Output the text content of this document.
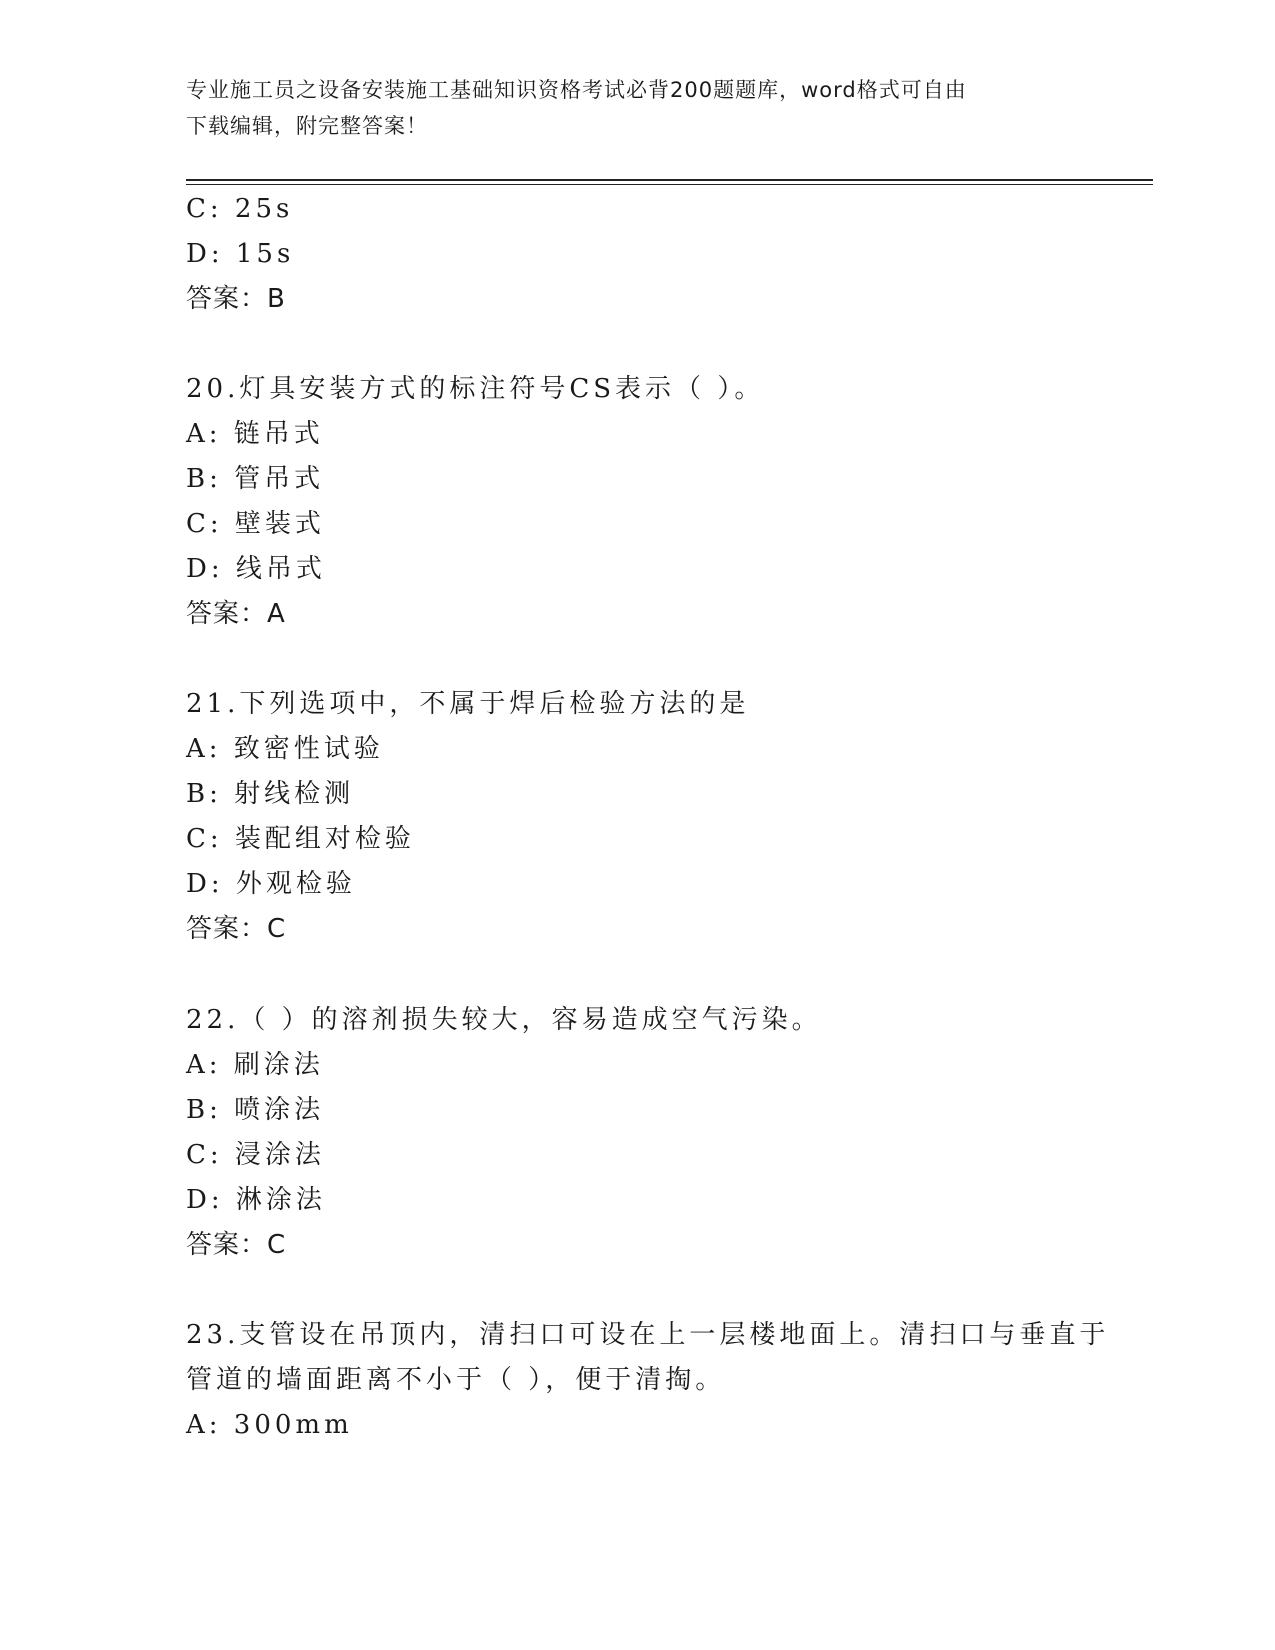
专业施工员之设备安装施工基础知识资格考试必背200题题库，word格式可自由
下载编辑，附完整答案！
C: 25s
D: 15s
答案：B
20.灯具安装方式的标注符号CS表示（ ）。
A: 链吊式
B: 管吊式
C: 壁装式
D: 线吊式
答案：A
21.下列选项中，不属于焊后检验方法的是
A: 致密性试验
B: 射线检测
C: 装配组对检验
D: 外观检验
答案：C
22.（ ）的溶剂损失较大，容易造成空气污染。
A: 刷涂法
B: 喷涂法
C: 浸涂法
D: 淋涂法
答案：C
23.支管设在吊顶内，清扫口可设在上一层楼地面上。清扫口与垂直于
管道的墙面距离不小于（ ），便于清掏。
A: 300mm
